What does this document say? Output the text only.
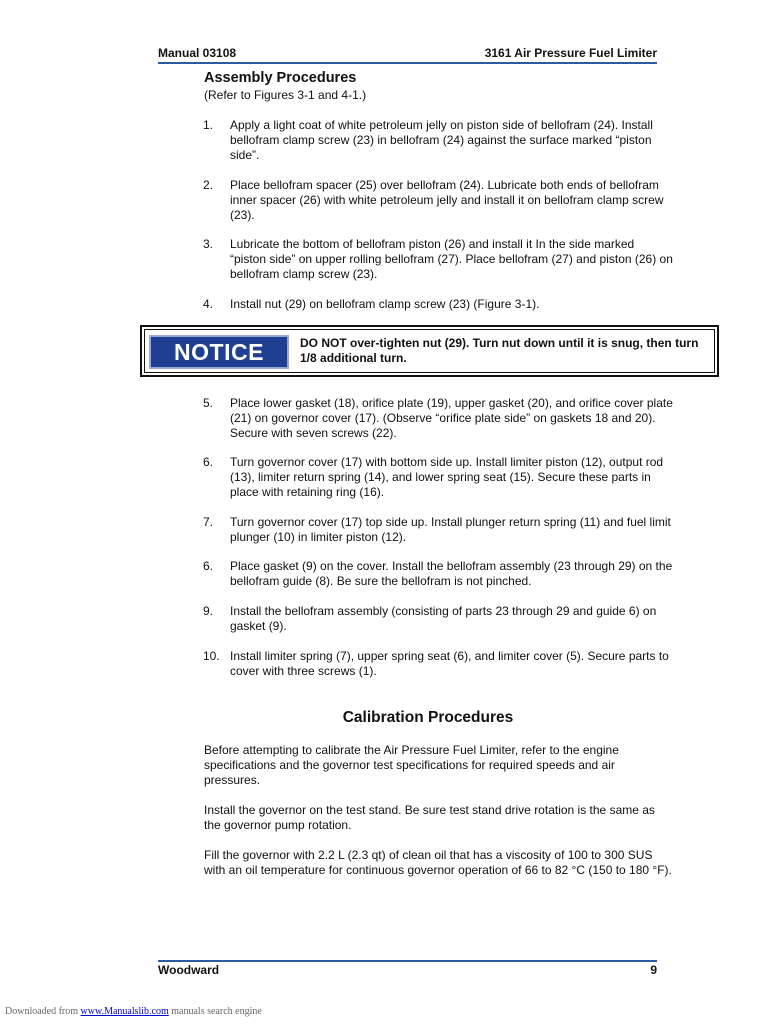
Manual 03108	3161 Air Pressure Fuel Limiter
Assembly Procedures
(Refer to Figures 3-1 and 4-1.)
1. Apply a light coat of white petroleum jelly on piston side of bellofram (24). Install bellofram clamp screw (23) in bellofram (24) against the surface marked “piston side”.
2. Place bellofram spacer (25) over bellofram (24). Lubricate both ends of bellofram inner spacer (26) with white petroleum jelly and install it on bellofram clamp screw (23).
3. Lubricate the bottom of bellofram piston (26) and install it In the side marked “piston side” on upper rolling bellofram (27). Place bellofram (27) and piston (26) on bellofram clamp screw (23).
4. Install nut (29) on bellofram clamp screw (23) (Figure 3-1).
NOTICE	DO NOT over-tighten nut (29). Turn nut down until it is snug, then turn 1/8 additional turn.
5. Place lower gasket (18), orifice plate (19), upper gasket (20), and orifice cover plate (21) on governor cover (17). (Observe “orifice plate side” on gaskets 18 and 20). Secure with seven screws (22).
6. Turn governor cover (17) with bottom side up. Install limiter piston (12), output rod (13), limiter return spring (14), and lower spring seat (15). Secure these parts in place with retaining ring (16).
7. Turn governor cover (17) top side up. Install plunger return spring (11) and fuel limit plunger (10) in limiter piston (12).
6. Place gasket (9) on the cover. Install the bellofram assembly (23 through 29) on the bellofram guide (8). Be sure the bellofram is not pinched.
9. Install the bellofram assembly (consisting of parts 23 through 29 and guide 6) on gasket (9).
10. Install limiter spring (7), upper spring seat (6), and limiter cover (5). Secure parts to cover with three screws (1).
Calibration Procedures
Before attempting to calibrate the Air Pressure Fuel Limiter, refer to the engine specifications and the governor test specifications for required speeds and air pressures.
Install the governor on the test stand. Be sure test stand drive rotation is the same as the governor pump rotation.
Fill the governor with 2.2 L (2.3 qt) of clean oil that has a viscosity of 100 to 300 SUS with an oil temperature for continuous governor operation of 66 to 82 °C (150 to 180 °F).
Woodward	9
Downloaded from www.Manualslib.com manuals search engine
